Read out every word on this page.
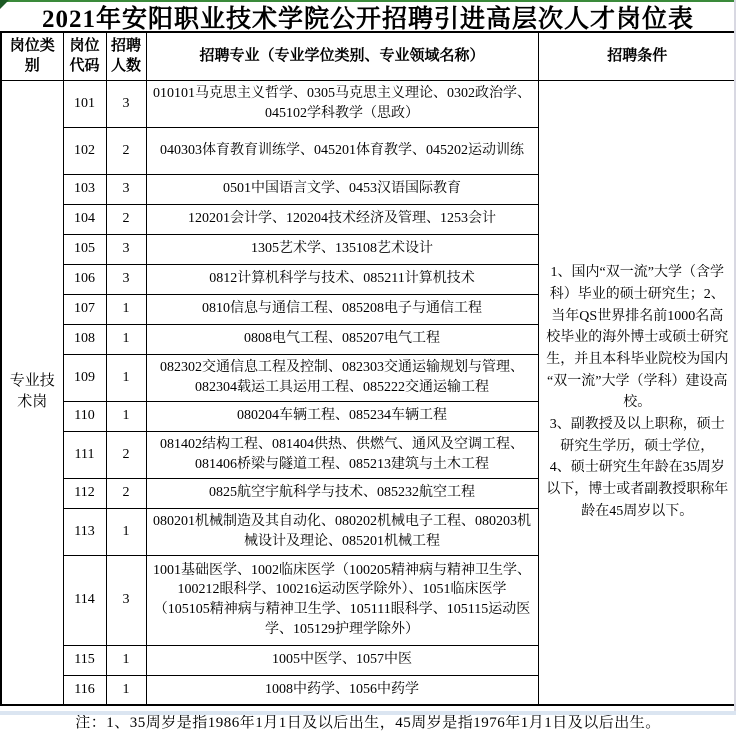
2021年安阳职业技术学院公开招聘引进高层次人才岗位表
岗位类别	岗位代码	招聘人数	招聘专业（专业学位类别、专业领域名称）	招聘条件
专业技术岗	101	3	010101马克思主义哲学、0305马克思主义理论、0302政治学、045102学科教学（思政）	1、国内“双一流”大学（含学科）毕业的硕士研究生；2、当年QS世界排名前1000名高校毕业的海外博士或硕士研究生，并且本科毕业院校为国内“双一流”大学（学科）建设高校。

3、副教授及以上职称，硕士研究生学历，硕士学位，

4、硕士研究生年龄在35周岁以下，博士或者副教授职称年龄在45周岁以下。

	102	2	040303体育教育训练学、045201体育教学、045202运动训练	
	103	3	0501中国语言文学、0453汉语国际教育	
	104	2	120201会计学、120204技术经济及管理、1253会计	
	105	3	1305艺术学、135108艺术设计	
	106	3	0812计算机科学与技术、085211计算机技术	
	107	1	0810信息与通信工程、085208电子与通信工程	
	108	1	0808电气工程、085207电气工程	
	109	1	082302交通信息工程及控制、082303交通运输规划与管理、082304载运工具运用工程、085222交通运输工程	
	110	1	080204车辆工程、085234车辆工程	
	111	2	081402结构工程、081404供热、供燃气、通风及空调工程、081406桥梁与隧道工程、085213建筑与土木工程	
	112	2	0825航空宇航科学与技术、085232航空工程	
	113	1	080201机械制造及其自动化、080202机械电子工程、080203机械设计及理论、085201机械工程	
	114	3	1001基础医学、1002临床医学（100205精神病与精神卫生学、100212眼科学、100216运动医学除外）、1051临床医学（105105精神病与精神卫生学、105111眼科学、105115运动医学、105129护理学除外）	
	115	1	1005中医学、1057中医	
	116	1	1008中药学、1056中药学	
注：1、35周岁是指1986年1月1日及以后出生，45周岁是指1976年1月1日及以后出生。
